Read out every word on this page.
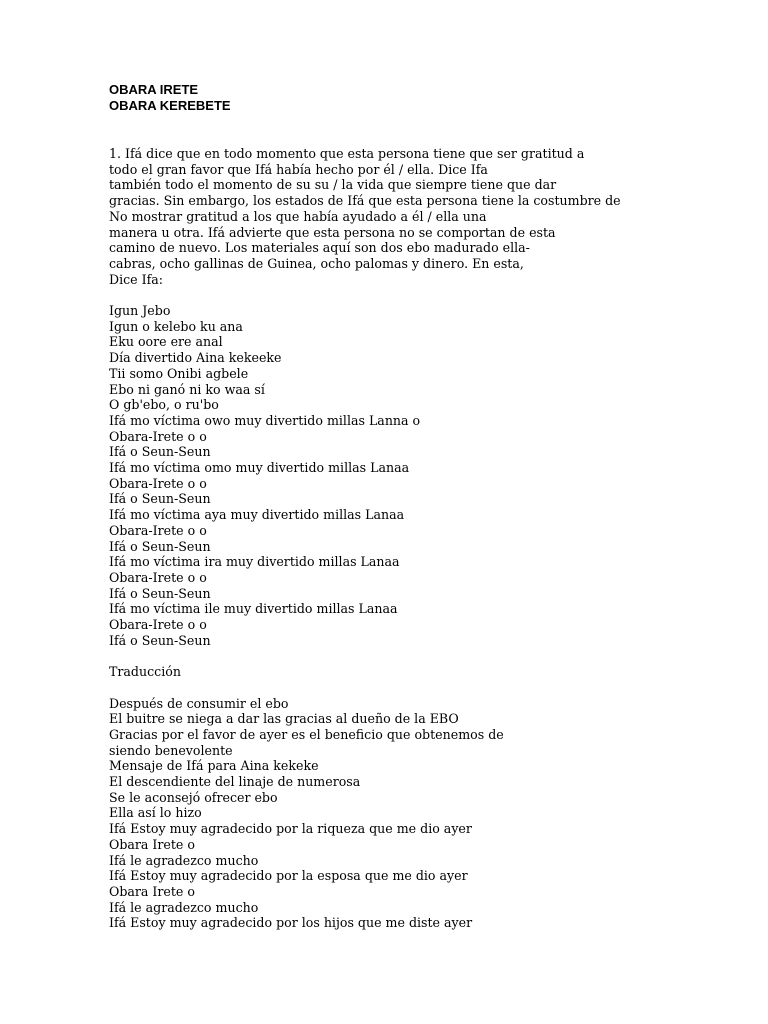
OBARA IRETE
OBARA KEREBETE
1. Ifá dice que en todo momento que esta persona tiene que ser gratitud a
todo el gran favor que Ifá había hecho por él / ella. Dice Ifa
también todo el momento de su su / la vida que siempre tiene que dar
gracias. Sin embargo, los estados de Ifá que esta persona tiene la costumbre de
No mostrar gratitud a los que había ayudado a él / ella una
manera u otra. Ifá advierte que esta persona no se comportan de esta
camino de nuevo. Los materiales aquí son dos ebo madurado ella-
cabras, ocho gallinas de Guinea, ocho palomas y dinero. En esta,
Dice Ifa:
Igun Jebo
Igun o kelebo ku ana
Eku oore ere anal
Día divertido Aina kekeeke
Tii somo Onibi agbele
Ebo ni ganó ni ko waa sí
O gb'ebo, o ru'bo
Ifá mo víctima owo muy divertido millas Lanna o
Obara-Irete o o
Ifá o Seun-Seun
Ifá mo víctima omo muy divertido millas Lanaa
Obara-Irete o o
Ifá o Seun-Seun
Ifá mo víctima aya muy divertido millas Lanaa
Obara-Irete o o
Ifá o Seun-Seun
Ifá mo víctima ira muy divertido millas Lanaa
Obara-Irete o o
Ifá o Seun-Seun
Ifá mo víctima ile muy divertido millas Lanaa
Obara-Irete o o
Ifá o Seun-Seun
Traducción
Después de consumir el ebo
El buitre se niega a dar las gracias al dueño de la EBO
Gracias por el favor de ayer es el beneficio que obtenemos de
siendo benevolente
Mensaje de Ifá para Aina kekeke
El descendiente del linaje de numerosa
Se le aconsejó ofrecer ebo
Ella así lo hizo
Ifá Estoy muy agradecido por la riqueza que me dio ayer
Obara Irete o
Ifá le agradezco mucho
Ifá Estoy muy agradecido por la esposa que me dio ayer
Obara Irete o
Ifá le agradezco mucho
Ifá Estoy muy agradecido por los hijos que me diste ayer
